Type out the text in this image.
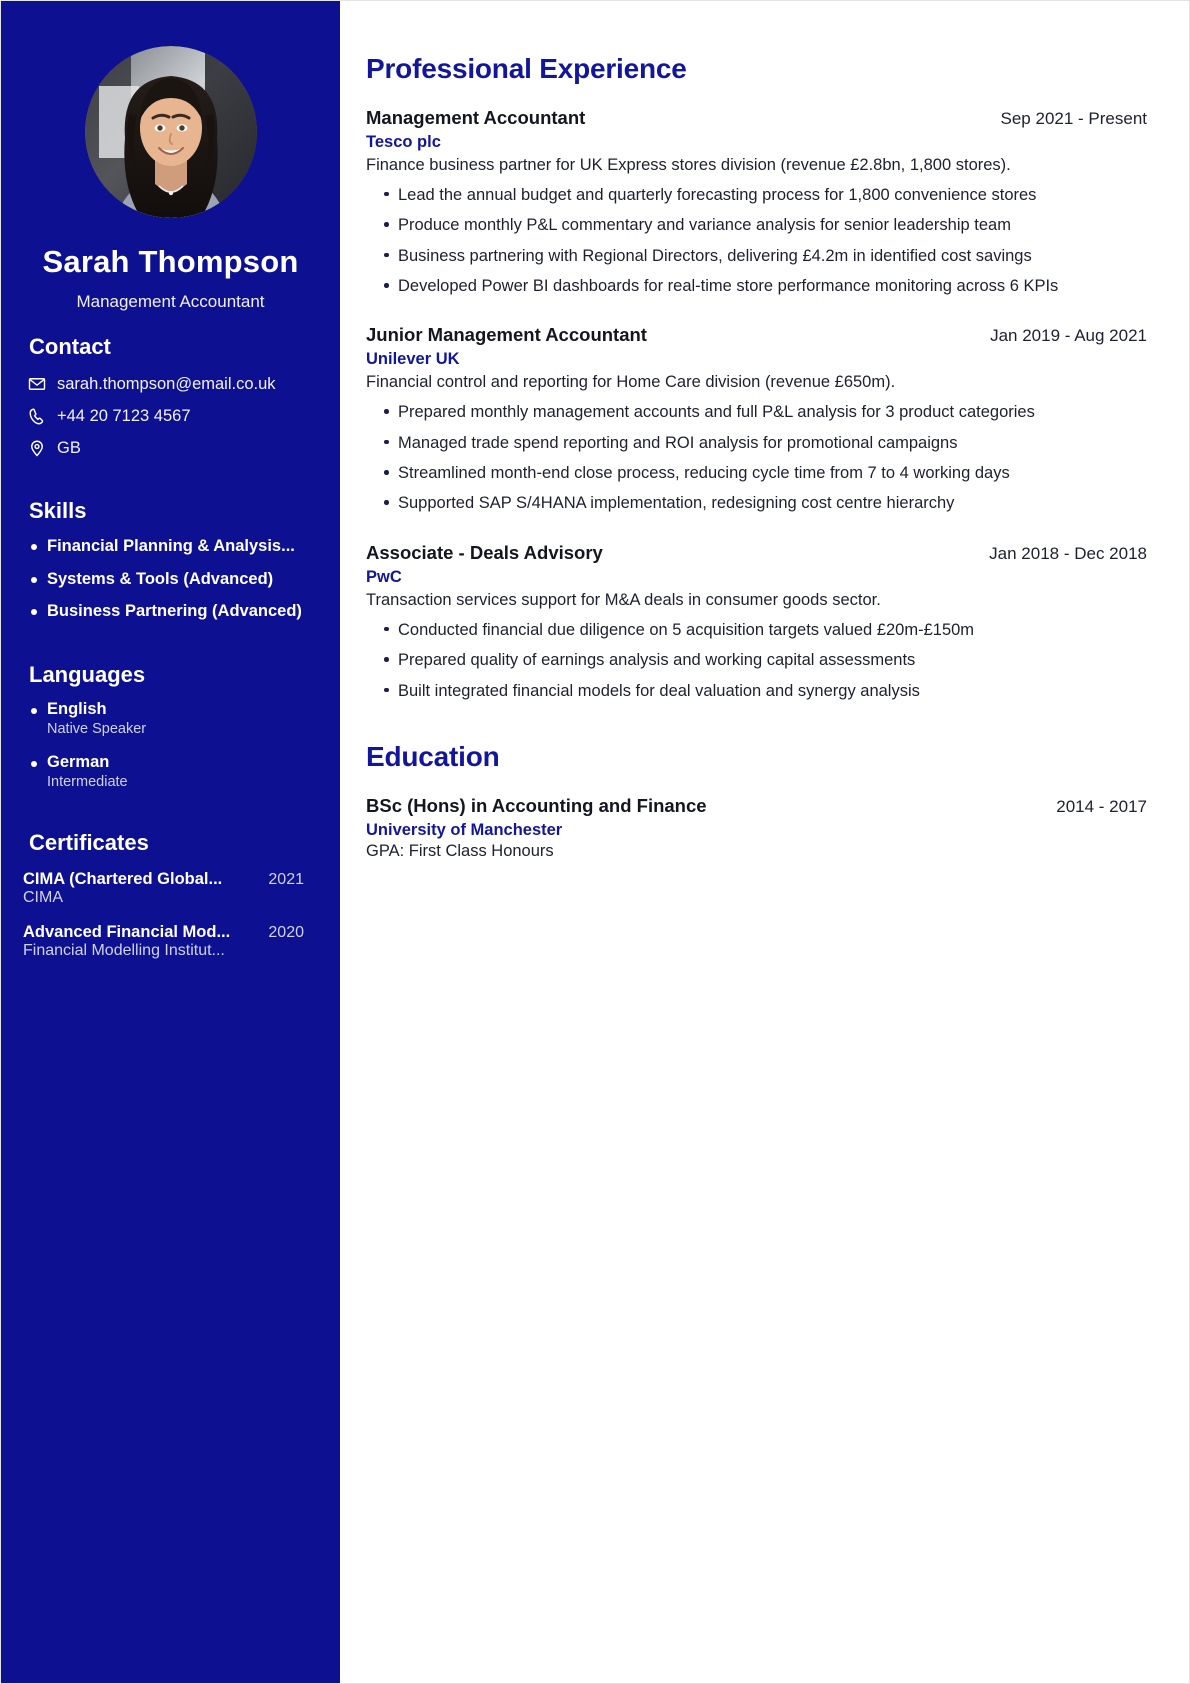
Sarah Thompson
Management Accountant
Contact
sarah.thompson@email.co.uk
+44 20 7123 4567
GB
Skills
Financial Planning & Analysis...
Systems & Tools (Advanced)
Business Partnering (Advanced)
Languages
English
Native Speaker
German
Intermediate
Certificates
CIMA (Chartered Global...	2021
CIMA
Advanced Financial Mod... 2020
Financial Modelling Institut...
Professional Experience
Management Accountant	Sep 2021 - Present
Tesco plc
Finance business partner for UK Express stores division (revenue £2.8bn, 1,800 stores).
Lead the annual budget and quarterly forecasting process for 1,800 convenience stores
Produce monthly P&L commentary and variance analysis for senior leadership team
Business partnering with Regional Directors, delivering £4.2m in identified cost savings
Developed Power BI dashboards for real-time store performance monitoring across 6 KPIs
Junior Management Accountant	Jan 2019 - Aug 2021
Unilever UK
Financial control and reporting for Home Care division (revenue £650m).
Prepared monthly management accounts and full P&L analysis for 3 product categories
Managed trade spend reporting and ROI analysis for promotional campaigns
Streamlined month-end close process, reducing cycle time from 7 to 4 working days
Supported SAP S/4HANA implementation, redesigning cost centre hierarchy
Associate - Deals Advisory	Jan 2018 - Dec 2018
PwC
Transaction services support for M&A deals in consumer goods sector.
Conducted financial due diligence on 5 acquisition targets valued £20m-£150m
Prepared quality of earnings analysis and working capital assessments
Built integrated financial models for deal valuation and synergy analysis
Education
BSc (Hons) in Accounting and Finance	2014 - 2017
University of Manchester
GPA: First Class Honours
